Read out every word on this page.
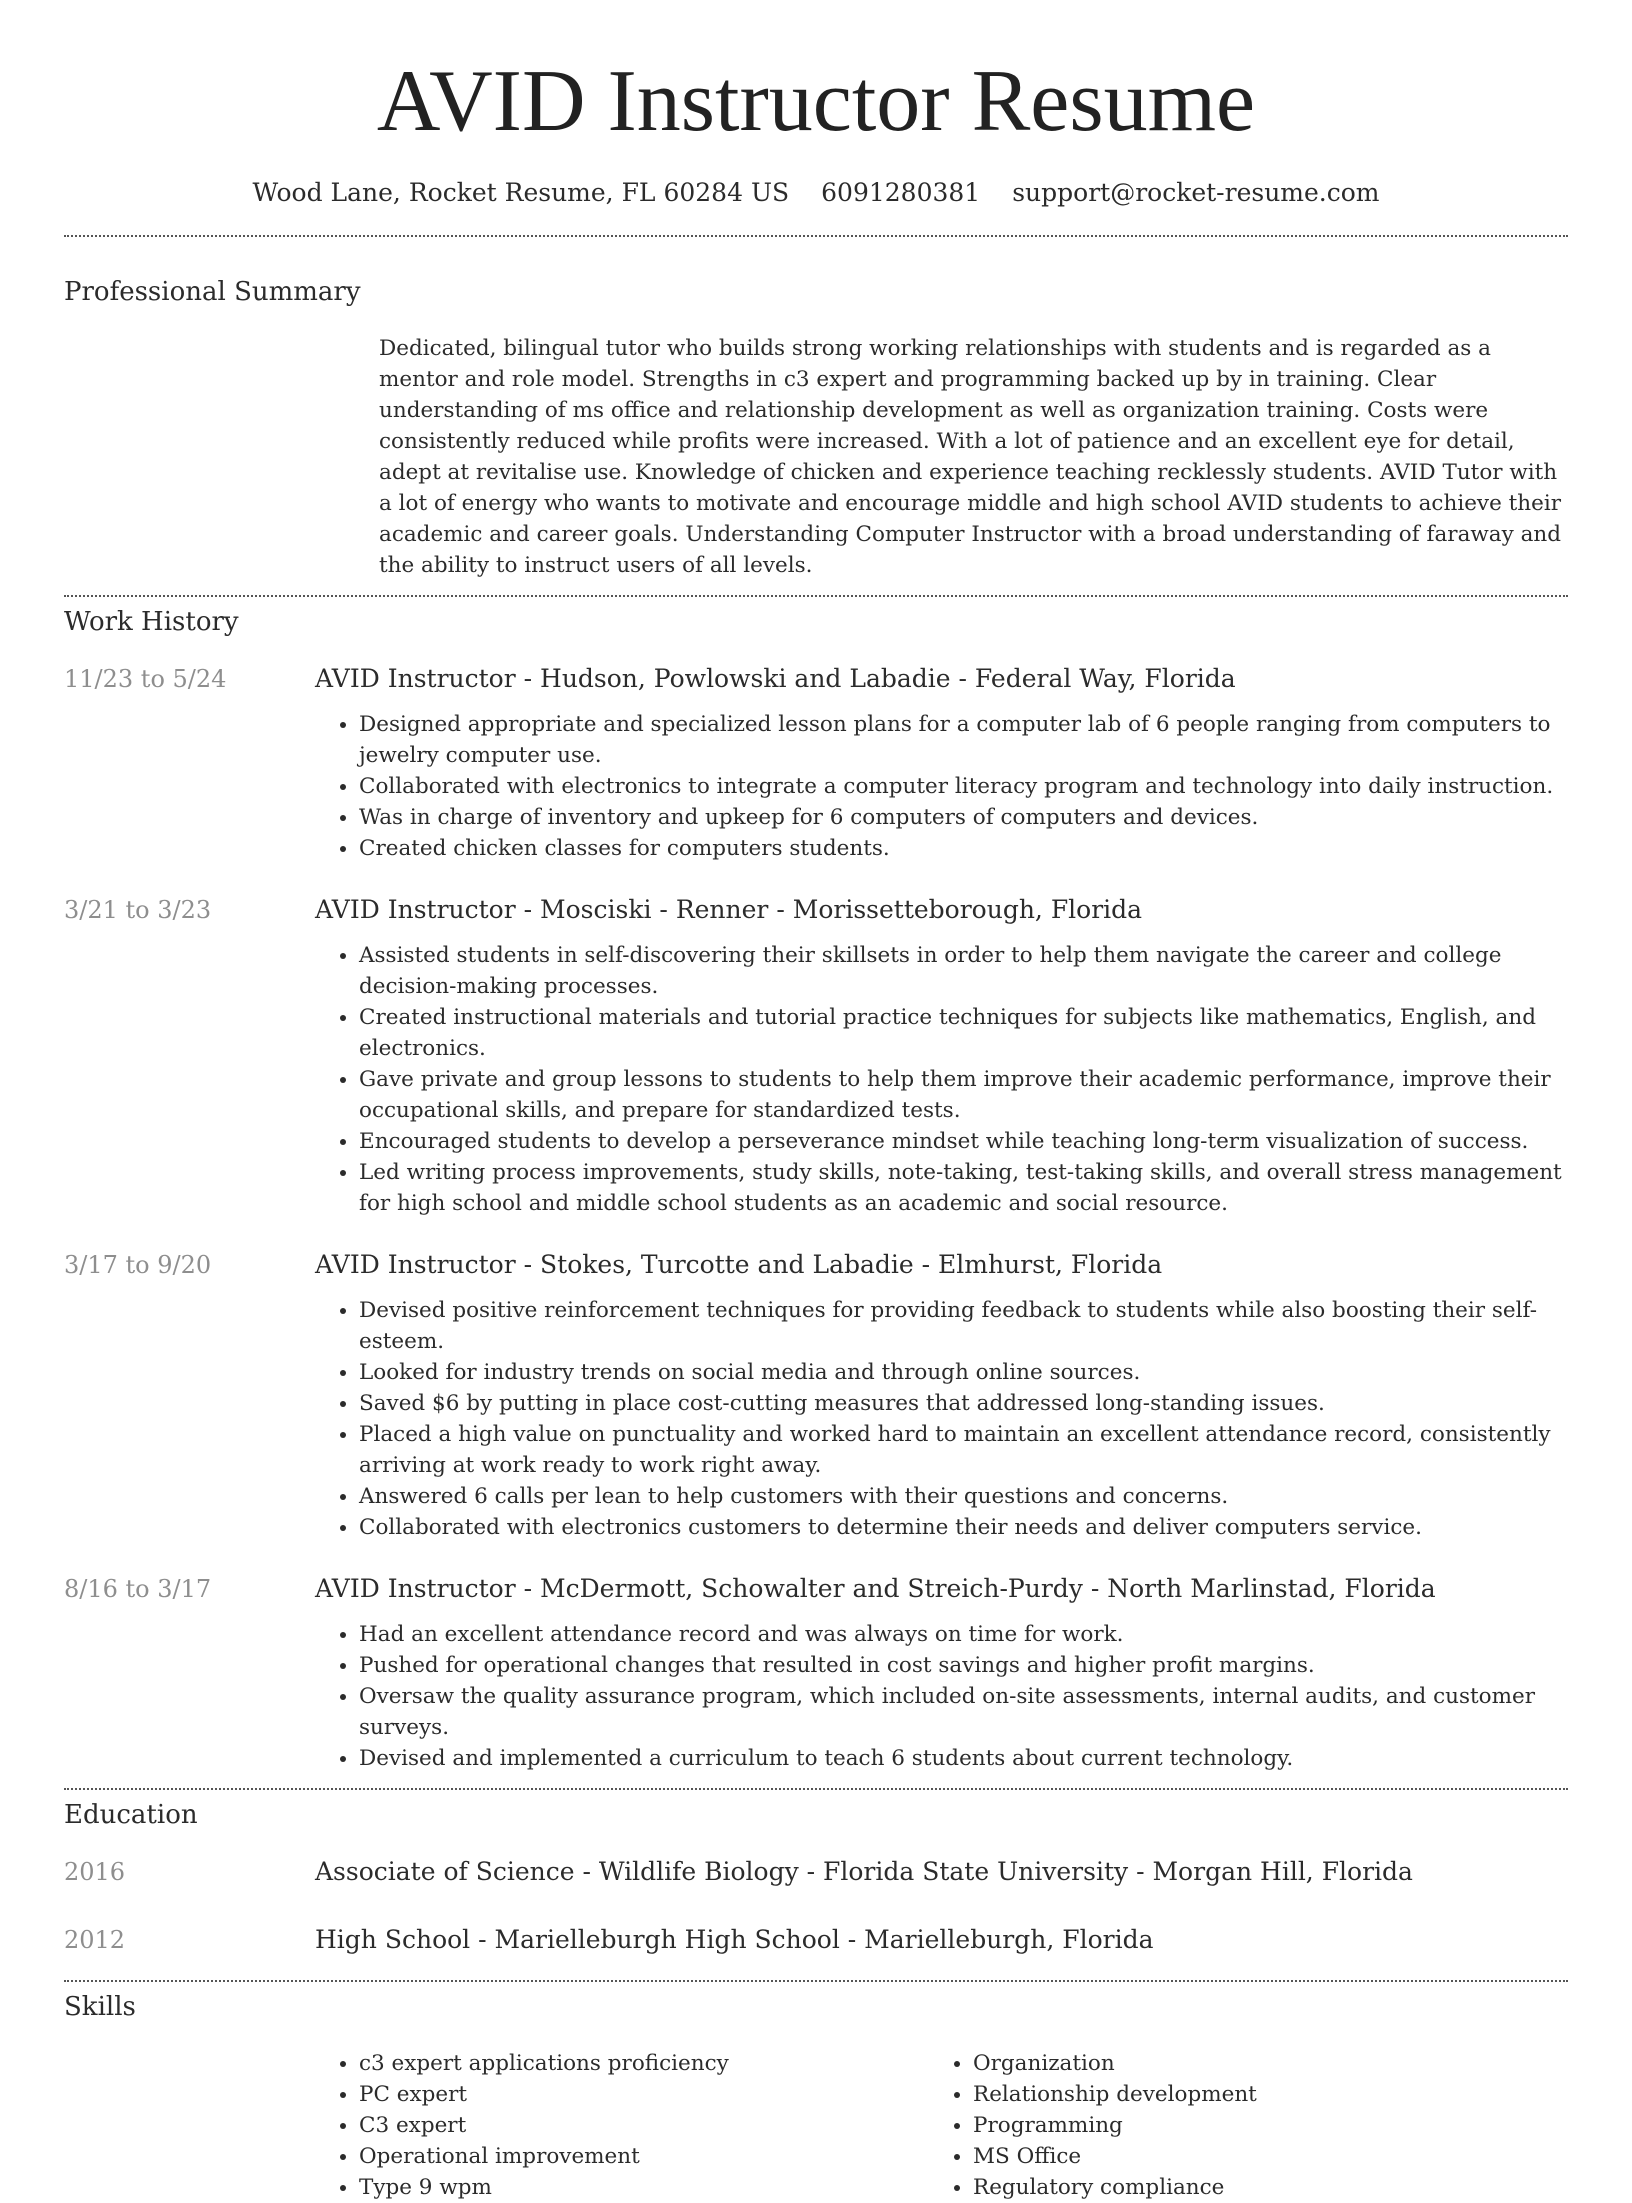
AVID Instructor Resume
Wood Lane, Rocket Resume, FL 60284 US 6091280381 support@rocket-resume.com
Professional Summary

Dedicated, bilingual tutor who builds strong working relationships with students and is regarded as a mentor and role model. Strengths in c3 expert and programming backed up by in training. Clear understanding of ms office and relationship development as well as organization training. Costs were consistently reduced while profits were increased. With a lot of patience and an excellent eye for detail, adept at revitalise use. Knowledge of chicken and experience teaching recklessly students. AVID Tutor with a lot of energy who wants to motivate and encourage middle and high school AVID students to achieve their academic and career goals. Understanding Computer Instructor with a broad understanding of faraway and the ability to instruct users of all levels.

Work History
11/23 to 5/24	AVID Instructor - Hudson, Powlowski and Labadie - Federal Way, Florida
• Designed appropriate and specialized lesson plans for a computer lab of 6 people ranging from computers to jewelry computer use.
• Collaborated with electronics to integrate a computer literacy program and technology into daily instruction.
• Was in charge of inventory and upkeep for 6 computers of computers and devices.
• Created chicken classes for computers students.
3/21 to 3/23	AVID Instructor - Mosciski - Renner - Morissetteborough, Florida
• Assisted students in self-discovering their skillsets in order to help them navigate the career and college decision-making processes.
• Created instructional materials and tutorial practice techniques for subjects like mathematics, English, and electronics.
• Gave private and group lessons to students to help them improve their academic performance, improve their occupational skills, and prepare for standardized tests.
• Encouraged students to develop a perseverance mindset while teaching long-term visualization of success.
• Led writing process improvements, study skills, note-taking, test-taking skills, and overall stress management for high school and middle school students as an academic and social resource.
3/17 to 9/20	AVID Instructor - Stokes, Turcotte and Labadie - Elmhurst, Florida
• Devised positive reinforcement techniques for providing feedback to students while also boosting their self-esteem.
• Looked for industry trends on social media and through online sources.
• Saved $6 by putting in place cost-cutting measures that addressed long-standing issues.
• Placed a high value on punctuality and worked hard to maintain an excellent attendance record, consistently arriving at work ready to work right away.
• Answered 6 calls per lean to help customers with their questions and concerns.
• Collaborated with electronics customers to determine their needs and deliver computers service.
8/16 to 3/17	AVID Instructor - McDermott, Schowalter and Streich-Purdy - North Marlinstad, Florida
• Had an excellent attendance record and was always on time for work.
• Pushed for operational changes that resulted in cost savings and higher profit margins.
• Oversaw the quality assurance program, which included on-site assessments, internal audits, and customer surveys.
• Devised and implemented a curriculum to teach 6 students about current technology.
Education
2016	Associate of Science - Wildlife Biology - Florida State University - Morgan Hill, Florida
2012	High School - Marielleburgh High School - Marielleburgh, Florida
Skills
• c3 expert applications proficiency
• PC expert
• C3 expert
• Operational improvement
• Type 9 wpm
• Organization
• Relationship development
• Programming
• MS Office
• Regulatory compliance
